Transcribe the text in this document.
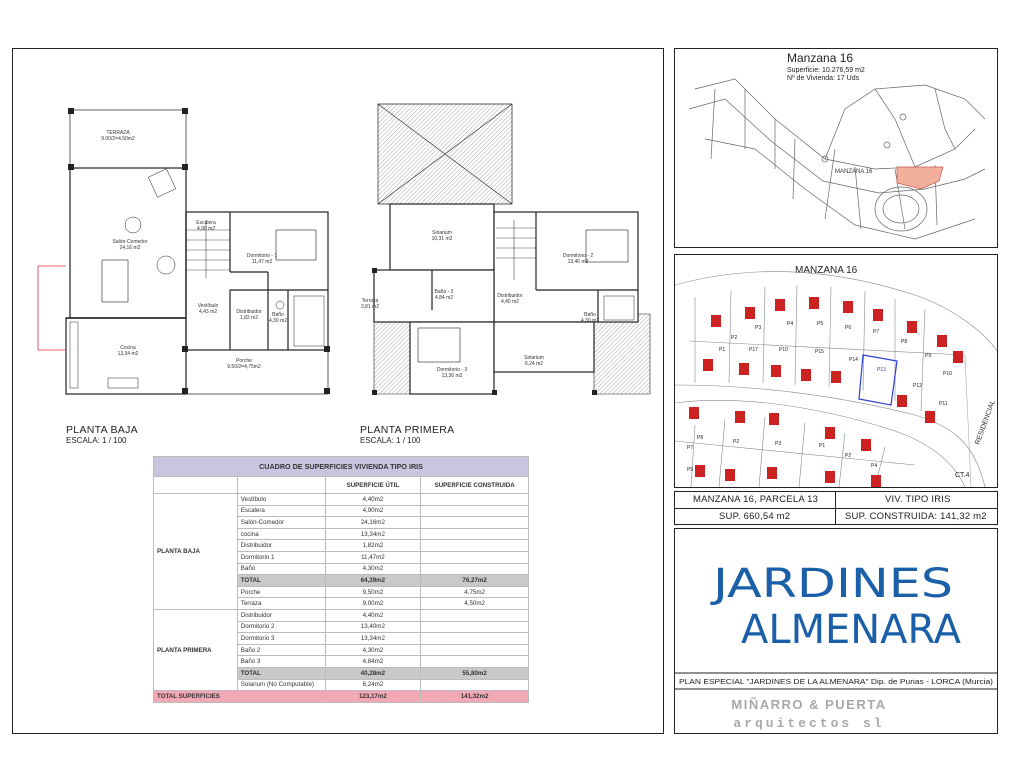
TERRAZA
9.00/2=4,50m2
Salón-Comedor
24,16 m2
Escalera
4,90 m2
Dormitorio - 1
11,47 m2
Vestíbulo
4,43 m2	Distribuidor
1,82 m2	Baño
4,30 m2
Cocina
13,34 m2
Porche
9.50/2=4,75m2
Solarium
10,31 m2
Dormitorio - 2
13,40 m2
Terraza
3,81 m2
Baño - 3
4,84 m2	Distribuidor
4,40 m2
Baño
4,30 m2
Dormitorio - 3
13,36 m2
Solarium
6,24 m2
PLANTA BAJA
ESCALA: 1 / 100
PLANTA PRIMERA
ESCALA: 1 / 100
CUADRO DE SUPERFICIES VIVIENDA TIPO IRIS			
		SUPERFICIE ÚTIL	SUPERFICIE CONSTRUIDA
PLANTA BAJA	Vestíbulo	4,40m2	
	Escalera	4,90m2	
	Salón-Comedor	24,16m2	
	cocina	13,34m2	
	Distribuidor	1,82m2	
	Dormitorio 1	11,47m2	
	Baño	4,30m2	
	TOTAL	64,39m2	76,27m2
	Porche	9,50m2	4,75m2
	Terraza	9,00m2	4,50m2
PLANTA PRIMERA	Distribuidor	4,40m2	
	Dormitorio 2	13,40m2	
	Dormitorio 3	13,34m2	
	Baño 2	4,30m2	
	Baño 3	4,84m2	
	TOTAL	40,28m2	55,80m2
	Solarium (No Computable)	6,24m2	
TOTAL SUPERFICIES		123,17m2	141,32m2
Manzana 16
Superficie: 10.276,59 m2
Nº de Vivienda: 17 Uds
MANZANA 16
MANZANA 16
P1
P2
P3
P4	P5
P6
P7
P8
P9
P10
P11
P12
P13
P14
P15
P10
P17
P7
P8
P2	P3	P1
P2
P4
P5
CT.4
RESIDENCIAL
MANZANA 16, PARCELA 13	VIV. TIPO IRIS
SUP. 660,54 m2	SUP. CONSTRUIDA: 141,32 m2
JARDINES
ALMENARA
PLAN ESPECIAL "JARDINES DE LA ALMENARA" Dip. de Purias - LORCA (Murcia)
MIÑARRO & PUERTA
arquitectos sl
